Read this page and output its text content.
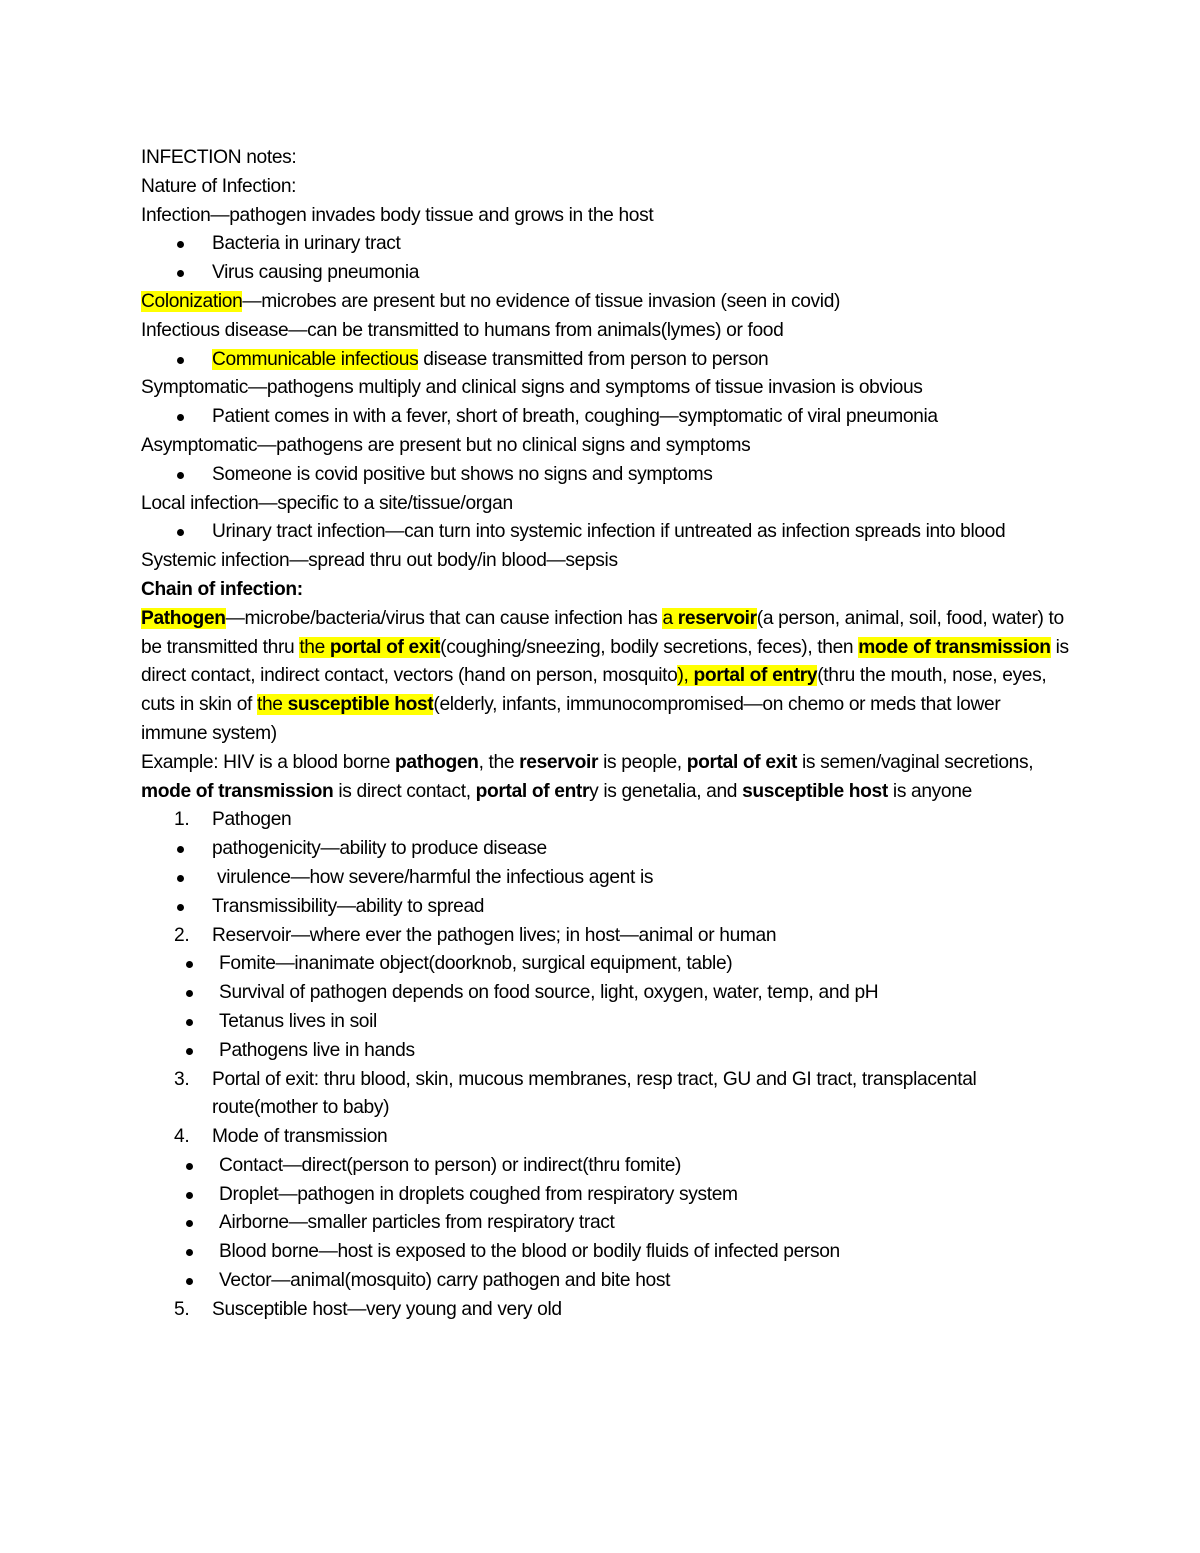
INFECTION notes:
Nature of Infection:
Infection—pathogen invades body tissue and grows in the host
Bacteria in urinary tract
Virus causing pneumonia
Colonization—microbes are present but no evidence of tissue invasion (seen in covid)
Infectious disease—can be transmitted to humans from animals(lymes) or food
Communicable infectious disease transmitted from person to person
Symptomatic—pathogens multiply and clinical signs and symptoms of tissue invasion is obvious
Patient comes in with a fever, short of breath, coughing—symptomatic of viral pneumonia
Asymptomatic—pathogens are present but no clinical signs and symptoms
Someone is covid positive but shows no signs and symptoms
Local infection—specific to a site/tissue/organ
Urinary tract infection—can turn into systemic infection if untreated as infection spreads into blood
Systemic infection—spread thru out body/in blood—sepsis
Chain of infection:
Pathogen—microbe/bacteria/virus that can cause infection has a reservoir(a person, animal, soil, food, water) to be transmitted thru the portal of exit(coughing/sneezing, bodily secretions, feces), then mode of transmission is direct contact, indirect contact, vectors (hand on person, mosquito), portal of entry(thru the mouth, nose, eyes, cuts in skin of the susceptible host(elderly, infants, immunocompromised—on chemo or meds that lower immune system)
Example: HIV is a blood borne pathogen, the reservoir is people, portal of exit is semen/vaginal secretions, mode of transmission is direct contact, portal of entry is genetalia, and susceptible host is anyone
1. Pathogen
pathogenicity—ability to produce disease
virulence—how severe/harmful the infectious agent is
Transmissibility—ability to spread
2. Reservoir—where ever the pathogen lives; in host—animal or human
Fomite—inanimate object(doorknob, surgical equipment, table)
Survival of pathogen depends on food source, light, oxygen, water, temp, and pH
Tetanus lives in soil
Pathogens live in hands
3. Portal of exit: thru blood, skin, mucous membranes, resp tract, GU and GI tract, transplacental route(mother to baby)
4. Mode of transmission
Contact—direct(person to person) or indirect(thru fomite)
Droplet—pathogen in droplets coughed from respiratory system
Airborne—smaller particles from respiratory tract
Blood borne—host is exposed to the blood or bodily fluids of infected person
Vector—animal(mosquito) carry pathogen and bite host
5. Susceptible host—very young and very old
